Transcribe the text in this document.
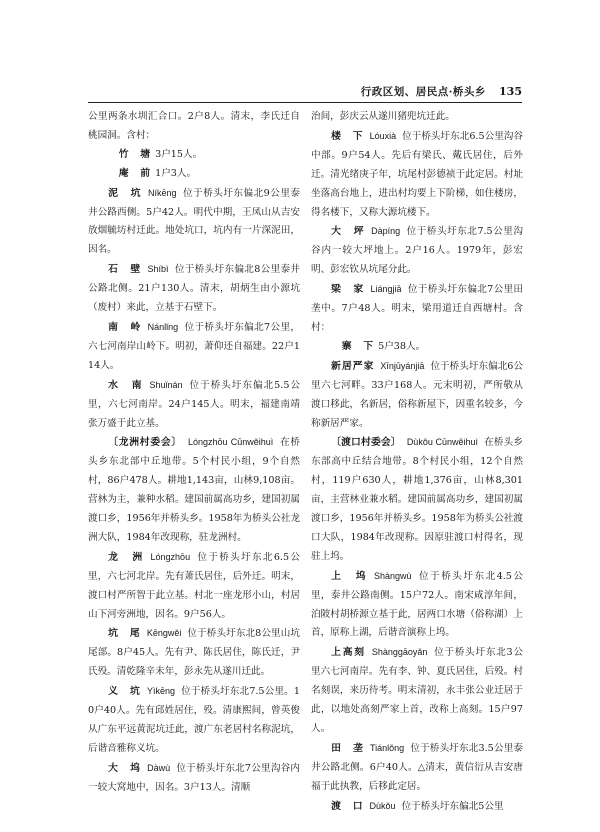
行政区划、居民点·桥头乡 135

公里两条水圳汇合口。2户8人。清末，李氏迁自桃园洞。含村：

竹　塘 3户15人。

庵　前 1户3人。

泥　坑 Níkēng 位于桥头圩东偏北9公里泰井公路西侧。5户42人。明代中期，王凤山从吉安放烟毓坊村迁此。地处坑口，坑内有一片深泥田，因名。

石　壁 Shíbì 位于桥头圩东偏北8公里泰井公路北侧。21户130人。清末，胡炳生由小源坑（废村）来此，立基于石壁下。

南　岭 Nánlǐng 位于桥头圩东偏北7公里，六七河南岸山岭下。明初，萧仰还自福建。22户114人。

水　南 Shuǐnán 位于桥头圩东偏北5.5公里，六七河南岸。24户145人。明末，福建南靖张万盛于此立基。

〔龙洲村委会〕 Lóngzhōu Cūnwěihuì 在桥头乡东北部中丘地带。5个村民小组，9个自然村，86户478人。耕地1,143亩，山林9,108亩。营林为主，兼种水稻。建国前属高功乡，建国初属渡口乡，1956年并桥头乡。1958年为桥头公社龙洲大队，1984年改现称，驻龙洲村。

龙　洲 Lóngzhōu 位于桥头圩东北6.5公里，六七河北岸。先有萧氏居住，后外迁。明末，渡口村严所智于此立基。村北一座龙形小山，村居山下河旁洲地，因名。9户56人。

坑　尾 Kēngwěi 位于桥头圩东北8公里山坑尾部。8户45人。先有尹、陈氏居住，陈氏迁，尹氏殁。清乾隆辛未年，彭永先从遂川迁此。

义　坑 Yìkēng 位于桥头圩东北7.5公里。10户40人。先有邱姓居住，殁。清康熙间，曾英俊从广东平远黄泥坑迁此，渡广东老居村名称泥坑，后谐音雅称义坑。

大　坞 Dàwù 位于桥头圩东北7公里沟谷内一较大窝地中，因名。3户13人。清顺

治间，彭庆云从遂川猪兜坑迁此。

楼　下 Lóuxià 位于桥头圩东北6.5公里沟谷中部。9户54人。先后有梁氏、戴氏居住，后外迁。清光绪庚子年，坑尾村彭德祯于此定居。村址坐落高台地上，进出村均要上下阶梯，如住楼房，得名楼下，又称大源坑楼下。

大　坪 Dàpíng 位于桥头圩东北7.5公里沟谷内一较大坪地上。2户16人。1979年，彭宏明、彭宏钦从坑尾分此。

梁　家 Liángjiā 位于桥头圩东偏北7公里田垄中。7户48人。明末，梁用道迁自西塘村。含村：

寨　下 5户38人。

新居严家 Xīnjūyánjiā 位于桥头圩东偏北6公里六七河畔。33户168人。元末明初，严所敬从渡口移此，名新居，俗称新屋下，因重名较多，今称新居严家。

〔渡口村委会〕 Dùkǒu Cūnwěihuì 在桥头乡东部高中丘结合地带。8个村民小组，12个自然村，119户630人，耕地1,376亩，山林8,301亩，主营林业兼水稻。建国前属高功乡，建国初属渡口乡，1956年并桥头乡。1958年为桥头公社渡口大队，1984年改现称。因原驻渡口村得名，现驻上坞。

上　坞 Shàngwù 位于桥头圩东北4.5公里，泰井公路南侧。15户72人。南宋咸淳年间，泊陂村胡桥源立基于此，居两口水塘（俗称湖）上首，原称上湖，后谐音演称上坞。

上高刻 Shànggāoyǎn 位于桥头圩东北3公里六七河南岸。先有李、钟、夏氏居住，后殁。村名刻误，来历待考。明末清初，永丰张公业迁居于此，以地处高刻严家上首，改称上高刻。15户97人。

田　垄 Tiánlǒng 位于桥头圩东北3.5公里泰井公路北侧。6户40人。△清末，黄信衍从吉安唐福于此执教，后移此定居。

渡　口 Dùkǒu 位于桥头圩东偏北5公里
